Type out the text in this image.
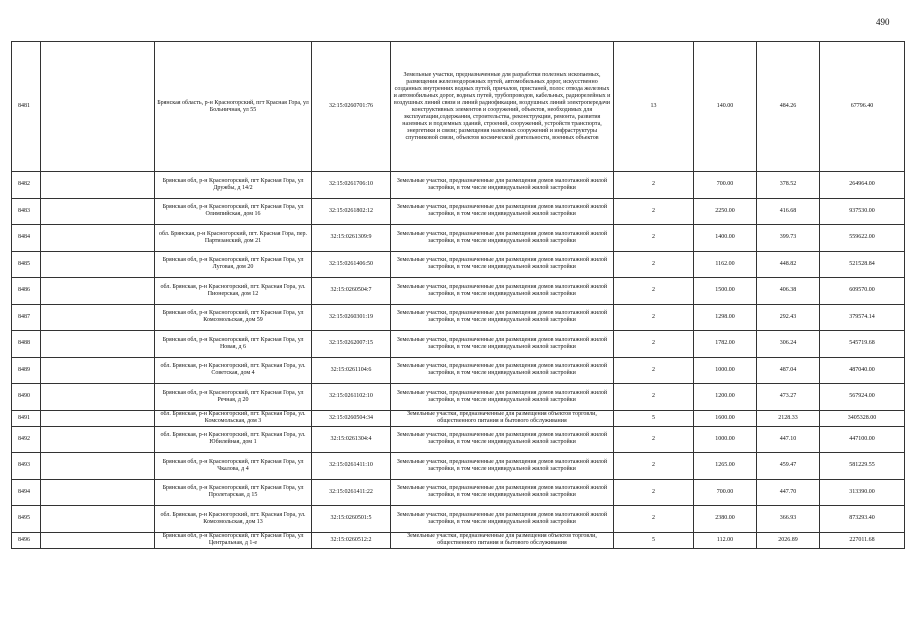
490
8481		Брянская область, р-н Красногорский, пгт Красная Гора, ул Больничная, ул 55	32:15:0260701:76	Земельные участки, предназначенные для разработки полезных ископаемых, размещения железнодорожных путей, автомобильных дорог, искусственно созданных внутренних водных путей, причалов, пристаней, полос отвода железных и автомобильных дорог, водных путей, трубопроводов, кабельных, радиорелейных и воздушных линий связи и линий радиофикации, воздушных линий электропередачи конструктивных элементов и сооружений, объектов, необходимых для эксплуатации,содержания, строительства, реконструкции, ремонта, развития наземных и подземных зданий, строений, сооружений, устройств транспорта, энергетики и связи; размещения наземных сооружений и инфраструктуры спутниковой связи, объектов космической деятельности, военных объектов	13	140.00	484.26	67796.40
8482		Брянская обл, р-н Красногорский, пгт Красная Гора, ул Дружбы, д 14/2	32:15:0261706:10	Земельные участки, предназначенные для размещения домов малоэтажной жилой застройки, в том числе индивидуальной жилой застройки	2	700.00	378.52	264964.00
8483		Брянская обл, р-н Красногорский, пгт Красная Гора, ул Олимпийская, дом 16	32:15:0261802:12	Земельные участки, предназначенные для размещения домов малоэтажной жилой застройки, в том числе индивидуальной жилой застройки	2	2250.00	416.68	937530.00
8484		обл. Брянская, р-н Красногорский, пгт. Красная Гора, пер. Партизанский, дом 21	32:15:0261309:9	Земельные участки, предназначенные для размещения домов малоэтажной жилой застройки, в том числе индивидуальной жилой застройки	2	1400.00	399.73	559622.00
8485		Брянская обл, р-н Красногорский, пгт Красная Гора, ул Луговая, дом 20	32:15:0261406:50	Земельные участки, предназначенные для размещения домов малоэтажной жилой застройки, в том числе индивидуальной жилой застройки	2	1162.00	448.82	521528.84
8486		обл. Брянская, р-н Красногорский, пгт. Красная Гора, ул. Пионерская, дом 12	32:15:0260504:7	Земельные участки, предназначенные для размещения домов малоэтажной жилой застройки, в том числе индивидуальной жилой застройки	2	1500.00	406.38	609570.00
8487		Брянская обл, р-н Красногорский, пгт Красная Гора, ул Комсомольская, дом 59	32:15:0260301:19	Земельные участки, предназначенные для размещения домов малоэтажной жилой застройки, в том числе индивидуальной жилой застройки	2	1298.00	292.43	379574.14
8488		Брянская обл, р-н Красногорский, пгт Красная Гора, ул Новая, д 6	32:15:0262007:15	Земельные участки, предназначенные для размещения домов малоэтажной жилой застройки, в том числе индивидуальной жилой застройки	2	1782.00	306.24	545719.68
8489		обл. Брянская, р-н Красногорский, пгт. Красная Гора, ул. Советская, дом 4	32:15:0261104:6	Земельные участки, предназначенные для размещения домов малоэтажной жилой застройки, в том числе индивидуальной жилой застройки	2	1000.00	487.04	487040.00
8490		Брянская обл, р-н Красногорский, пгт Красная Гора, ул Речная, д 20	32:15:0261102:10	Земельные участки, предназначенные для размещения домов малоэтажной жилой застройки, в том числе индивидуальной жилой застройки	2	1200.00	473.27	567924.00
8491		обл. Брянская, р-н Красногорский, пгт. Красная Гора, ул. Комсомольская, дом 3	32:15:0260504:34	Земельные участки, предназначенные для размещения объектов торговли, общественного питания и бытового обслуживания	5	1600.00	2128.33	3405328.00
8492		обл. Брянская, р-н Красногорский, пгт. Красная Гора, ул. Юбилейная, дом 1	32:15:0261304:4	Земельные участки, предназначенные для размещения домов малоэтажной жилой застройки, в том числе индивидуальной жилой застройки	2	1000.00	447.10	447100.00
8493		Брянская обл, р-н Красногорский, пгт Красная Гора, ул Чкалова, д 4	32:15:0261411:10	Земельные участки, предназначенные для размещения домов малоэтажной жилой застройки, в том числе индивидуальной жилой застройки	2	1265.00	459.47	581229.55
8494		Брянская обл, р-н Красногорский, пгт Красная Гора, ул Пролетарская, д 15	32:15:0261411:22	Земельные участки, предназначенные для размещения домов малоэтажной жилой застройки, в том числе индивидуальной жилой застройки	2	700.00	447.70	313390.00
8495		обл. Брянская, р-н Красногорский, пгт. Красная Гора, ул. Комсомольская, дом 13	32:15:0260501:5	Земельные участки, предназначенные для размещения домов малоэтажной жилой застройки, в том числе индивидуальной жилой застройки	2	2380.00	366.93	873293.40
8496		Брянская обл, р-н Красногорский, пгт Красная Гора, ул Центральная, д 1-е	32:15:0260512:2	Земельные участки, предназначенные для размещения объектов торговли, общественного питания и бытового обслуживания	5	112.00	2026.89	227011.68
